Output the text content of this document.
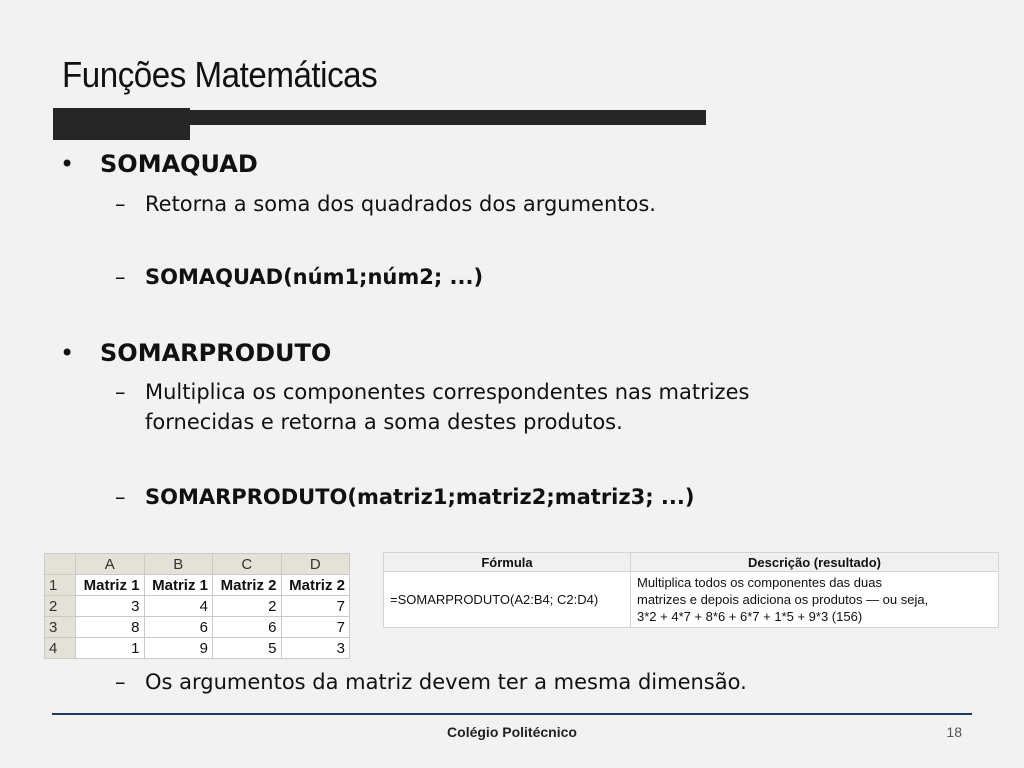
Funções Matemáticas
• SOMAQUAD
– Retorna a soma dos quadrados dos argumentos.
– SOMAQUAD(núm1;núm2; ...)
• SOMARPRODUTO
– Multiplica os componentes correspondentes nas matrizes
fornecidas e retorna a soma destes produtos.
– SOMARPRODUTO(matriz1;matriz2;matriz3; ...)
	A	B	C	D
1	Matriz 1	Matriz 1	Matriz 2	Matriz 2
2	3	4	2	7
3	8	6	6	7
4	1	9	5	3
Fórmula	Descrição (resultado)
=SOMARPRODUTO(A2:B4; C2:D4)	Multiplica todos os componentes das duas
matrizes e depois adiciona os produtos — ou seja,
3*2 + 4*7 + 8*6 + 6*7 + 1*5 + 9*3 (156)
– Os argumentos da matriz devem ter a mesma dimensão.
Colégio Politécnico	18
